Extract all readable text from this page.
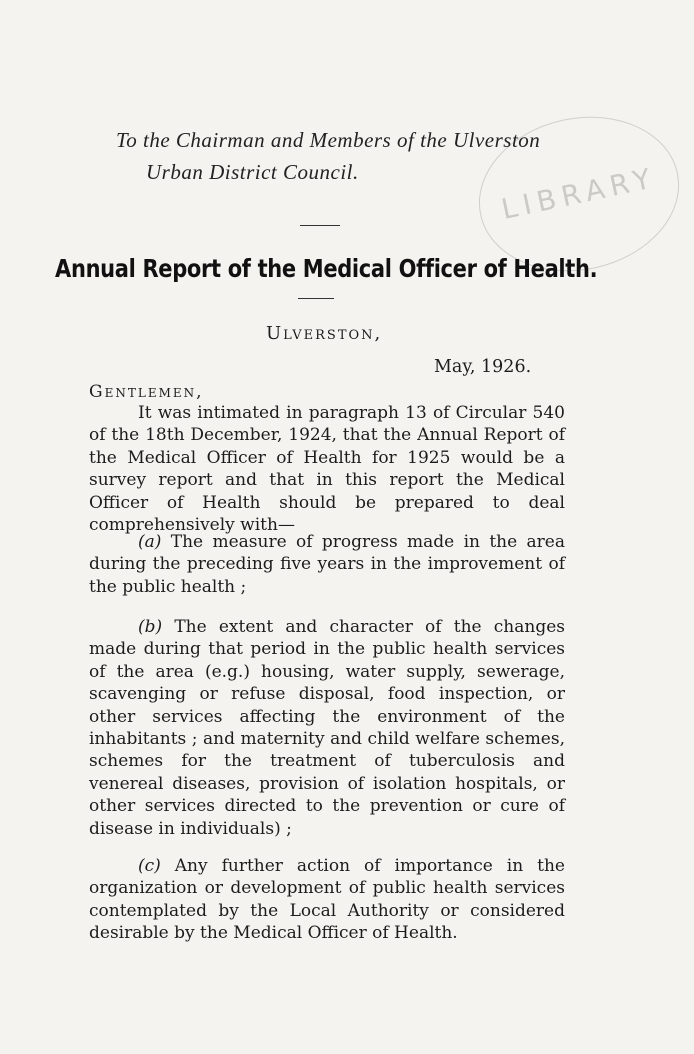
LIBRARY
To the Chairman and Members of the Ulverston
Urban District Council.
Annual Report of the Medical Officer of Health.
Ulverston,
May, 1926.
Gentlemen,
It was intimated in paragraph 13 of Circular 540 of the 18th December, 1924, that the Annual Report of the Medical Officer of Health for 1925 would be a survey report and that in this report the Medical Officer of Health should be prepared to deal comprehensively with—
(a) The measure of progress made in the area during the preceding five years in the improvement of the public health ;
(b) The extent and character of the changes made during that period in the public health services of the area (e.g.) housing, water supply, sewerage, scavenging or refuse disposal, food inspection, or other services affecting the environment of the inhabitants ; and maternity and child welfare schemes, schemes for the treatment of tuberculosis and venereal diseases, provision of isolation hospitals, or other services directed to the prevention or cure of disease in individuals) ;
(c) Any further action of importance in the organization or development of public health services contemplated by the Local Authority or considered desirable by the Medical Officer of Health.
